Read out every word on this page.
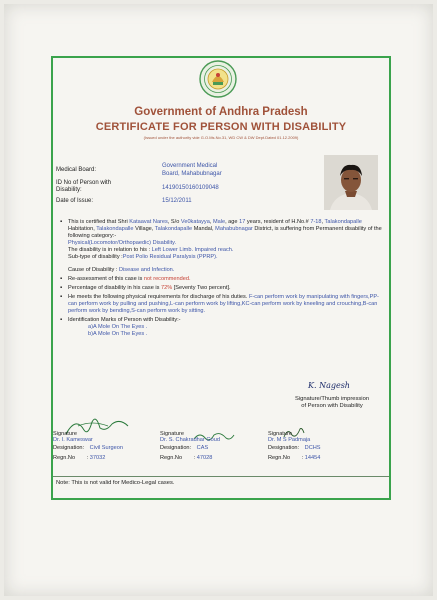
Government of Andhra Pradesh
CERTIFICATE FOR PERSON WITH DISABILITY
(Issued under the authority vide G.O.Ms.No.31, WD CW & DW Dept.Dated 01.12.2009)
Medical Board:
Government Medical
Board, Mahabubnagar
ID No of Person with
Disability:	1419015016010904​8
Date of Issue:	15/12/2011

▪ This is certified that Shri Kataavat Nares, S/o Ve0katayya, Male, age 17 years, resident of H.No.# 7-18, Talakondapalle Habitation, Talakondapalle Village, Talakondapalle Mandal, Mahabubnagar District, is suffering from Permanent disability of the following category:-

Physical(Locomotor/Orthopaedic) Disability.

The disability is in relation to his : Left Lower Limb. Impaired reach.

Sub-type of disability :Post Polio Residual Paralysis (PPRP).

Cause of Disability : Disease and Infection.

▪ Re-assessment of this case is not recommended.

▪ Percentage of disability in his case is 72% [Seventy Two percent].

▪ He meets the following physical requirements for discharge of his duties. F-can perform work by manipulating with fingers,PP-can perform work by pulling and pushing,L-can perform work by lifting,KC-can perform work by kneeling and crouching,B-can perform work by bending,S-can perform work by sitting.

▪ Identification Marks of Person with Disability:-

a)A Mole On The Eyes .

b)A Mole On The Eyes .

K. Nagesh
Signature/Thumb impression
of Person with Disability
Signature
Dr. I. Kameswar
Designation: Civil Surgeon
Regn.No : 37032
Signature
Dr. S. Chakradhar Goud
Designation: CAS
Regn.No : 47028
Signature
Dr. M S Padmaja
Designation: DCHS
Regn.No : 14454
Note: This is not valid for Medico-Legal cases.
